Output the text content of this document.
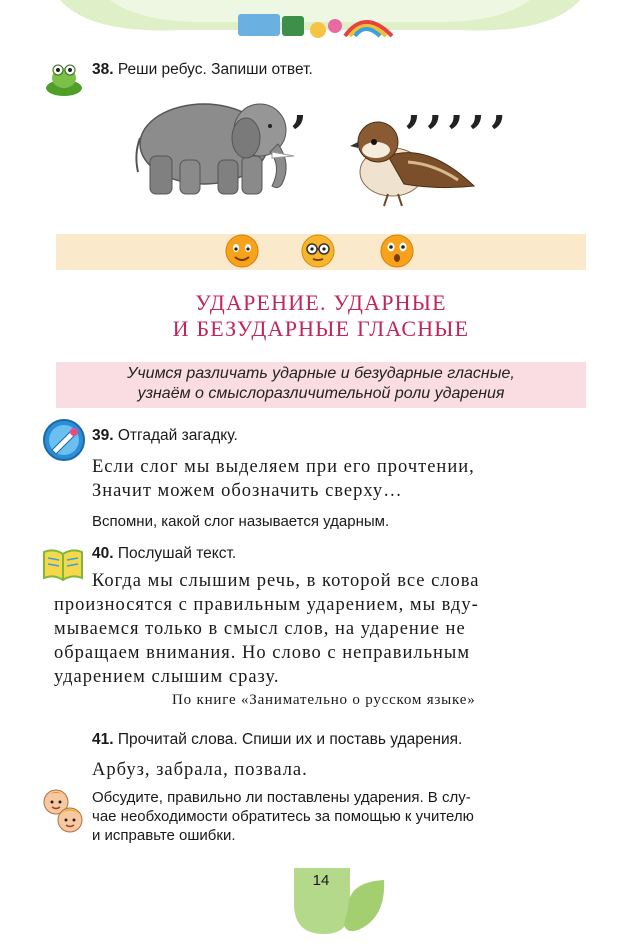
38. Реши ребус. Запиши ответ.
, ,,,,,
УДАРЕНИЕ. УДАРНЫЕ
И БЕЗУДАРНЫЕ ГЛАСНЫЕ
Учимся различать ударные и безударные гласные,
узнаём о смыслоразличительной роли ударения
39. Отгадай загадку.
Если слог мы выделяем при его прочтении,
Значит можем обозначить сверху…
Вспомни, какой слог называется ударным.
40. Послушай текст.
Когда мы слышим речь, в которой все слова
произносятся с правильным ударением, мы вду-
мываемся только в смысл слов, на ударение не
обращаем внимания. Но слово с неправильным
ударением слышим сразу.
По книге «Занимательно о русском языке»
41. Прочитай слова. Спиши их и поставь ударения.
Арбуз, забрала, позвала.
Обсудите, правильно ли поставлены ударения. В слу-
чае необходимости обратитесь за помощью к учителю
и исправьте ошибки.
14
